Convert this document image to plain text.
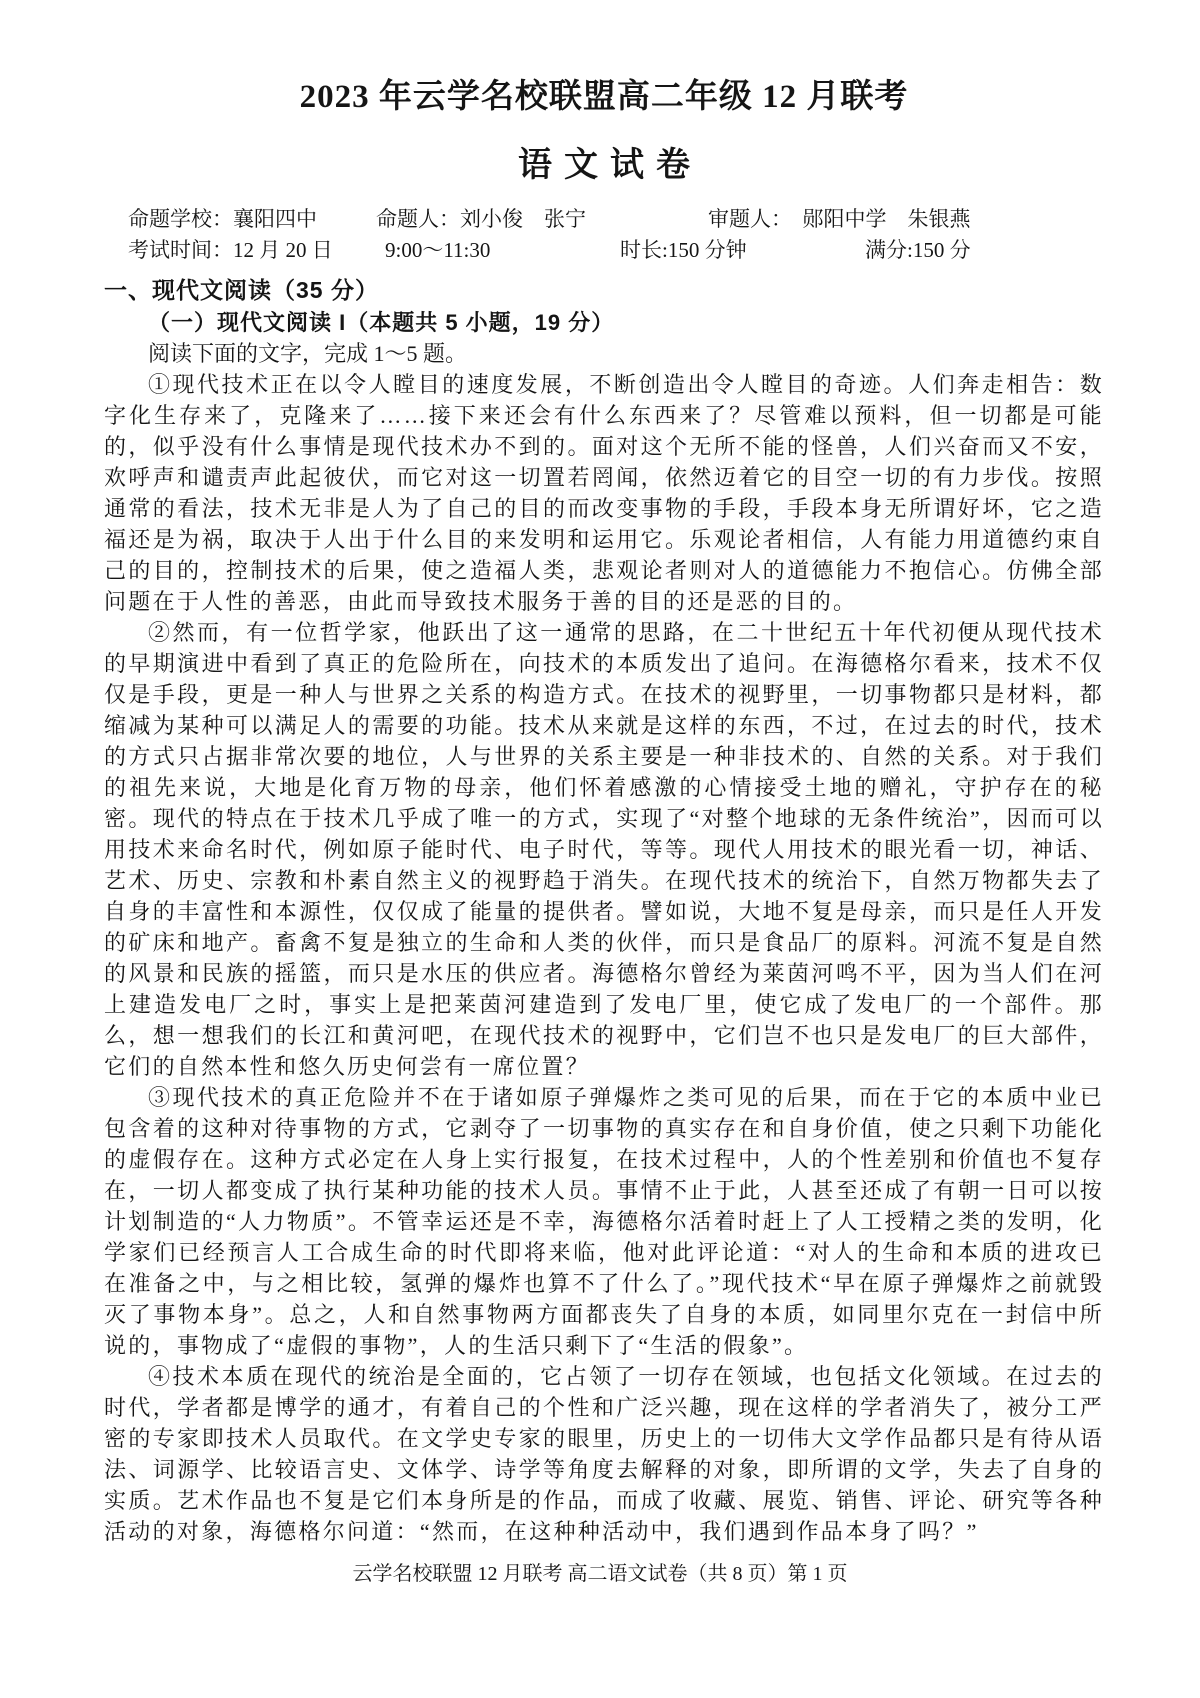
2023 年云学名校联盟高二年级 12 月联考
语文试卷
命题学校：襄阳四中	命题人：刘小俊　张宁	审题人：　郧阳中学　朱银燕
考试时间：12 月 20 日 9:00～11:30	时长:150 分钟	满分:150 分
一、现代文阅读（35 分）
（一）现代文阅读 I（本题共 5 小题，19 分）

阅读下面的文字，完成 1～5 题。

①现代技术正在以令人瞠目的速度发展，不断创造出令人瞠目的奇迹。人们奔走相告：数字化生存来了，克隆来了……接下来还会有什么东西来了？尽管难以预料，但一切都是可能的，似乎没有什么事情是现代技术办不到的。面对这个无所不能的怪兽，人们兴奋而又不安，欢呼声和谴责声此起彼伏，而它对这一切置若罔闻，依然迈着它的目空一切的有力步伐。按照通常的看法，技术无非是人为了自己的目的而改变事物的手段，手段本身无所谓好坏，它之造福还是为祸，取决于人出于什么目的来发明和运用它。乐观论者相信，人有能力用道德约束自己的目的，控制技术的后果，使之造福人类，悲观论者则对人的道德能力不抱信心。仿佛全部问题在于人性的善恶，由此而导致技术服务于善的目的还是恶的目的。

②然而，有一位哲学家，他跃出了这一通常的思路，在二十世纪五十年代初便从现代技术的早期演进中看到了真正的危险所在，向技术的本质发出了追问。在海德格尔看来，技术不仅仅是手段，更是一种人与世界之关系的构造方式。在技术的视野里，一切事物都只是材料，都缩减为某种可以满足人的需要的功能。技术从来就是这样的东西，不过，在过去的时代，技术的方式只占据非常次要的地位，人与世界的关系主要是一种非技术的、自然的关系。对于我们的祖先来说，大地是化育万物的母亲，他们怀着感激的心情接受土地的赠礼，守护存在的秘密。现代的特点在于技术几乎成了唯一的方式，实现了“对整个地球的无条件统治”，因而可以用技术来命名时代，例如原子能时代、电子时代，等等。现代人用技术的眼光看一切，神话、艺术、历史、宗教和朴素自然主义的视野趋于消失。在现代技术的统治下，自然万物都失去了自身的丰富性和本源性，仅仅成了能量的提供者。譬如说，大地不复是母亲，而只是任人开发的矿床和地产。畜禽不复是独立的生命和人类的伙伴，而只是食品厂的原料。河流不复是自然的风景和民族的摇篮，而只是水压的供应者。海德格尔曾经为莱茵河鸣不平，因为当人们在河上建造发电厂之时，事实上是把莱茵河建造到了发电厂里，使它成了发电厂的一个部件。那么，想一想我们的长江和黄河吧，在现代技术的视野中，它们岂不也只是发电厂的巨大部件，它们的自然本性和悠久历史何尝有一席位置？

③现代技术的真正危险并不在于诸如原子弹爆炸之类可见的后果，而在于它的本质中业已包含着的这种对待事物的方式，它剥夺了一切事物的真实存在和自身价值，使之只剩下功能化的虚假存在。这种方式必定在人身上实行报复，在技术过程中，人的个性差别和价值也不复存在，一切人都变成了执行某种功能的技术人员。事情不止于此，人甚至还成了有朝一日可以按计划制造的“人力物质”。不管幸运还是不幸，海德格尔活着时赶上了人工授精之类的发明，化学家们已经预言人工合成生命的时代即将来临，他对此评论道：“对人的生命和本质的进攻已在准备之中，与之相比较，氢弹的爆炸也算不了什么了。”现代技术“早在原子弹爆炸之前就毁灭了事物本身”。总之，人和自然事物两方面都丧失了自身的本质，如同里尔克在一封信中所说的，事物成了“虚假的事物”，人的生活只剩下了“生活的假象”。

④技术本质在现代的统治是全面的，它占领了一切存在领域，也包括文化领域。在过去的时代，学者都是博学的通才，有着自己的个性和广泛兴趣，现在这样的学者消失了，被分工严密的专家即技术人员取代。在文学史专家的眼里，历史上的一切伟大文学作品都只是有待从语法、词源学、比较语言史、文体学、诗学等角度去解释的对象，即所谓的文学，失去了自身的实质。艺术作品也不复是它们本身所是的作品，而成了收藏、展览、销售、评论、研究等各种活动的对象，海德格尔问道：“然而，在这种种活动中，我们遇到作品本身了吗？”

云学名校联盟 12 月联考 高二语文试卷（共 8 页）第 1 页
